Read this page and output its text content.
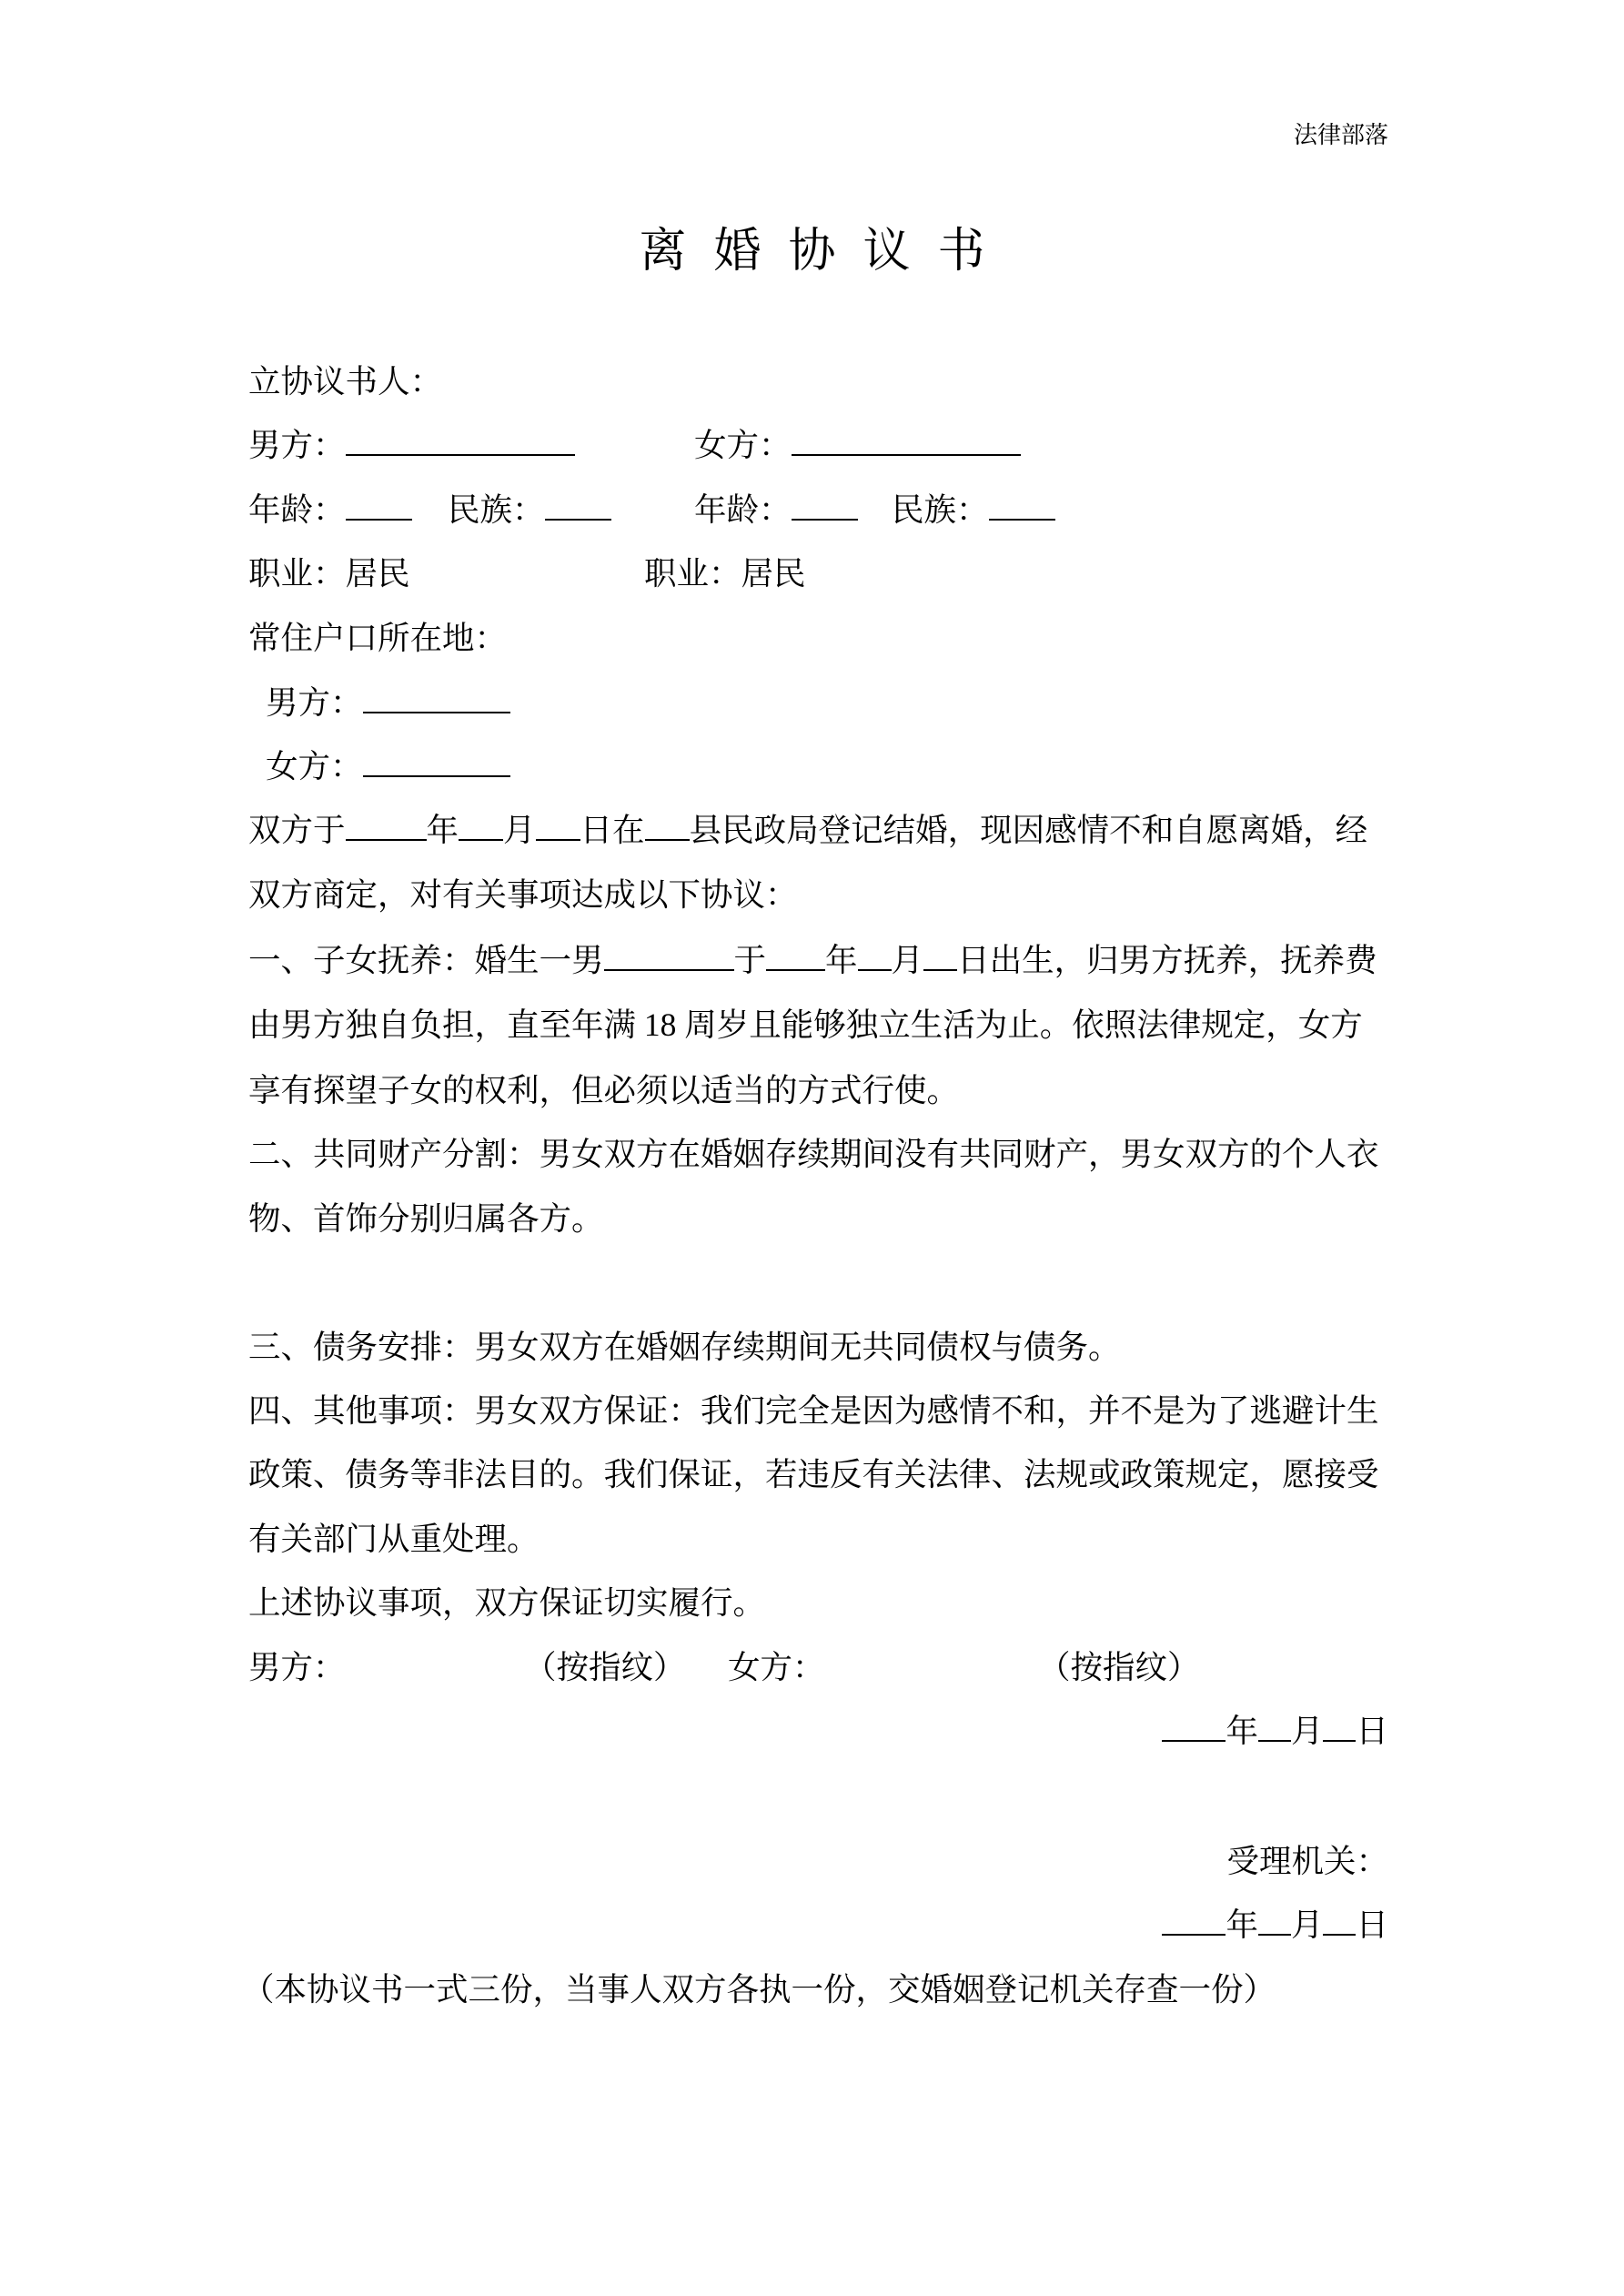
法律部落
离婚协议书
立协议书人：
男方：	女方：
年龄：	民族：	年龄：	民族：
职业：居民	职业：居民
常住户口所在地：
男方：
女方：
双方于	年 月 日在 县民政局登记结婚，现因感情不和自愿离婚，经
双方商定，对有关事项达成以下协议：
一、子女抚养：婚生一男	于 年 月 日出生，归男方抚养，抚养费
由男方独自负担，直至年满 18 周岁且能够独立生活为止。依照法律规定，女方
享有探望子女的权利，但必须以适当的方式行使。
二、共同财产分割：男女双方在婚姻存续期间没有共同财产，男女双方的个人衣
物、首饰分别归属各方。
三、债务安排：男女双方在婚姻存续期间无共同债权与债务。
四、其他事项：男女双方保证：我们完全是因为感情不和，并不是为了逃避计生
政策、债务等非法目的。我们保证，若违反有关法律、法规或政策规定，愿接受
有关部门从重处理。
上述协议事项，双方保证切实履行。
男方：	（按指纹） 女方：	（按指纹）
年 月 日
受理机关：
年 月 日
（本协议书一式三份，当事人双方各执一份，交婚姻登记机关存查一份）
